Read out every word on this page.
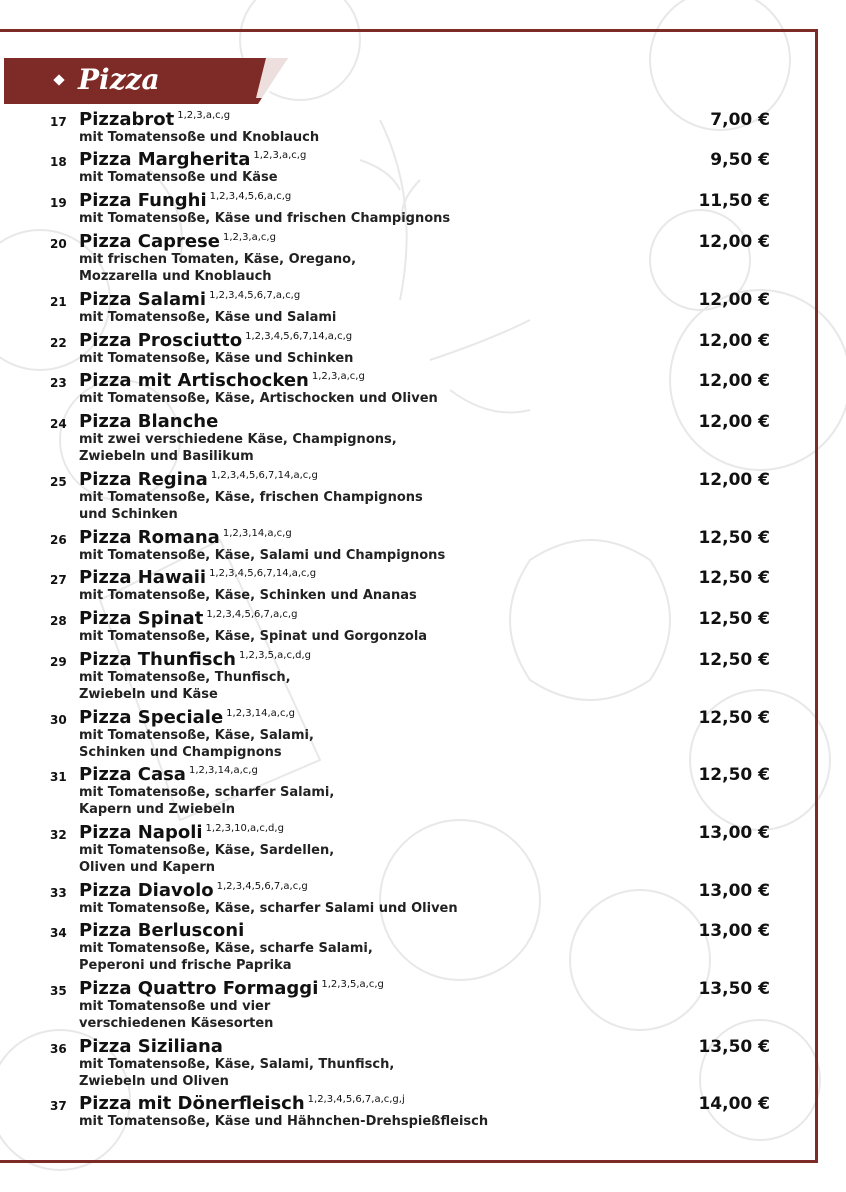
Pizza
17 Pizzabrot $^{1,2,3,a,c,g}$
mit Tomatensoße und Knoblauch
7,00 €
18 Pizza Margherita $^{1,2,3,a,c,g}$
mit Tomatensoße und Käse
9,50 €
19 Pizza Funghi $^{1,2,3,4,5,6,a,c,g}$
mit Tomatensoße, Käse und frischen Champignons
11,50 €
20 Pizza Caprese $^{1,2,3,a,c,g}$
mit frischen Tomaten, Käse, Oregano,
Mozzarella und Knoblauch
12,00 €
21 Pizza Salami $^{1,2,3,4,5,6,7,a,c,g}$
mit Tomatensoße, Käse und Salami
12,00 €
22 Pizza Prosciutto $^{1,2,3,4,5,6,7,14,a,c,g}$
mit Tomatensoße, Käse und Schinken
12,00 €
23 Pizza mit Artischocken $^{1,2,3,a,c,g}$
mit Tomatensoße, Käse, Artischocken und Oliven
12,00 €
24 Pizza Blanche
mit zwei verschiedene Käse, Champignons,
Zwiebeln und Basilikum
12,00 €
25 Pizza Regina $^{1,2,3,4,5,6,7,14,a,c,g}$
mit Tomatensoße, Käse, frischen Champignons
und Schinken
12,00 €
26 Pizza Romana $^{1,2,3,14,a,c,g}$
mit Tomatensoße, Käse, Salami und Champignons
12,50 €
27 Pizza Hawaii $^{1,2,3,4,5,6,7,14,a,c,g}$
mit Tomatensoße, Käse, Schinken und Ananas
12,50 €
28 Pizza Spinat $^{1,2,3,4,5,6,7,a,c,g}$
mit Tomatensoße, Käse, Spinat und Gorgonzola
12,50 €
29 Pizza Thunfisch $^{1,2,3,5,a,c,d,g}$
mit Tomatensoße, Thunfisch,
Zwiebeln und Käse
12,50 €
30 Pizza Speciale $^{1,2,3,14,a,c,g}$
mit Tomatensoße, Käse, Salami,
Schinken und Champignons
12,50 €
31 Pizza Casa $^{1,2,3,14,a,c,g}$
mit Tomatensoße, scharfer Salami,
Kapern und Zwiebeln
12,50 €
32 Pizza Napoli $^{1,2,3,10,a,c,d,g}$
mit Tomatensoße, Käse, Sardellen,
Oliven und Kapern
13,00 €
33 Pizza Diavolo $^{1,2,3,4,5,6,7,a,c,g}$
mit Tomatensoße, Käse, scharfer Salami und Oliven
13,00 €
34 Pizza Berlusconi
mit Tomatensoße, Käse, scharfe Salami,
Peperoni und frische Paprika
13,00 €
35 Pizza Quattro Formaggi $^{1,2,3,5,a,c,g}$
mit Tomatensoße und vier
verschiedenen Käsesorten
13,50 €
36 Pizza Siziliana
mit Tomatensoße, Käse, Salami, Thunfisch,
Zwiebeln und Oliven
13,50 €
37 Pizza mit Dönerfleisch $^{1,2,3,4,5,6,7,a,c,g,j}$
mit Tomatensoße, Käse und Hähnchen-Drehspießfleisch
14,00 €
